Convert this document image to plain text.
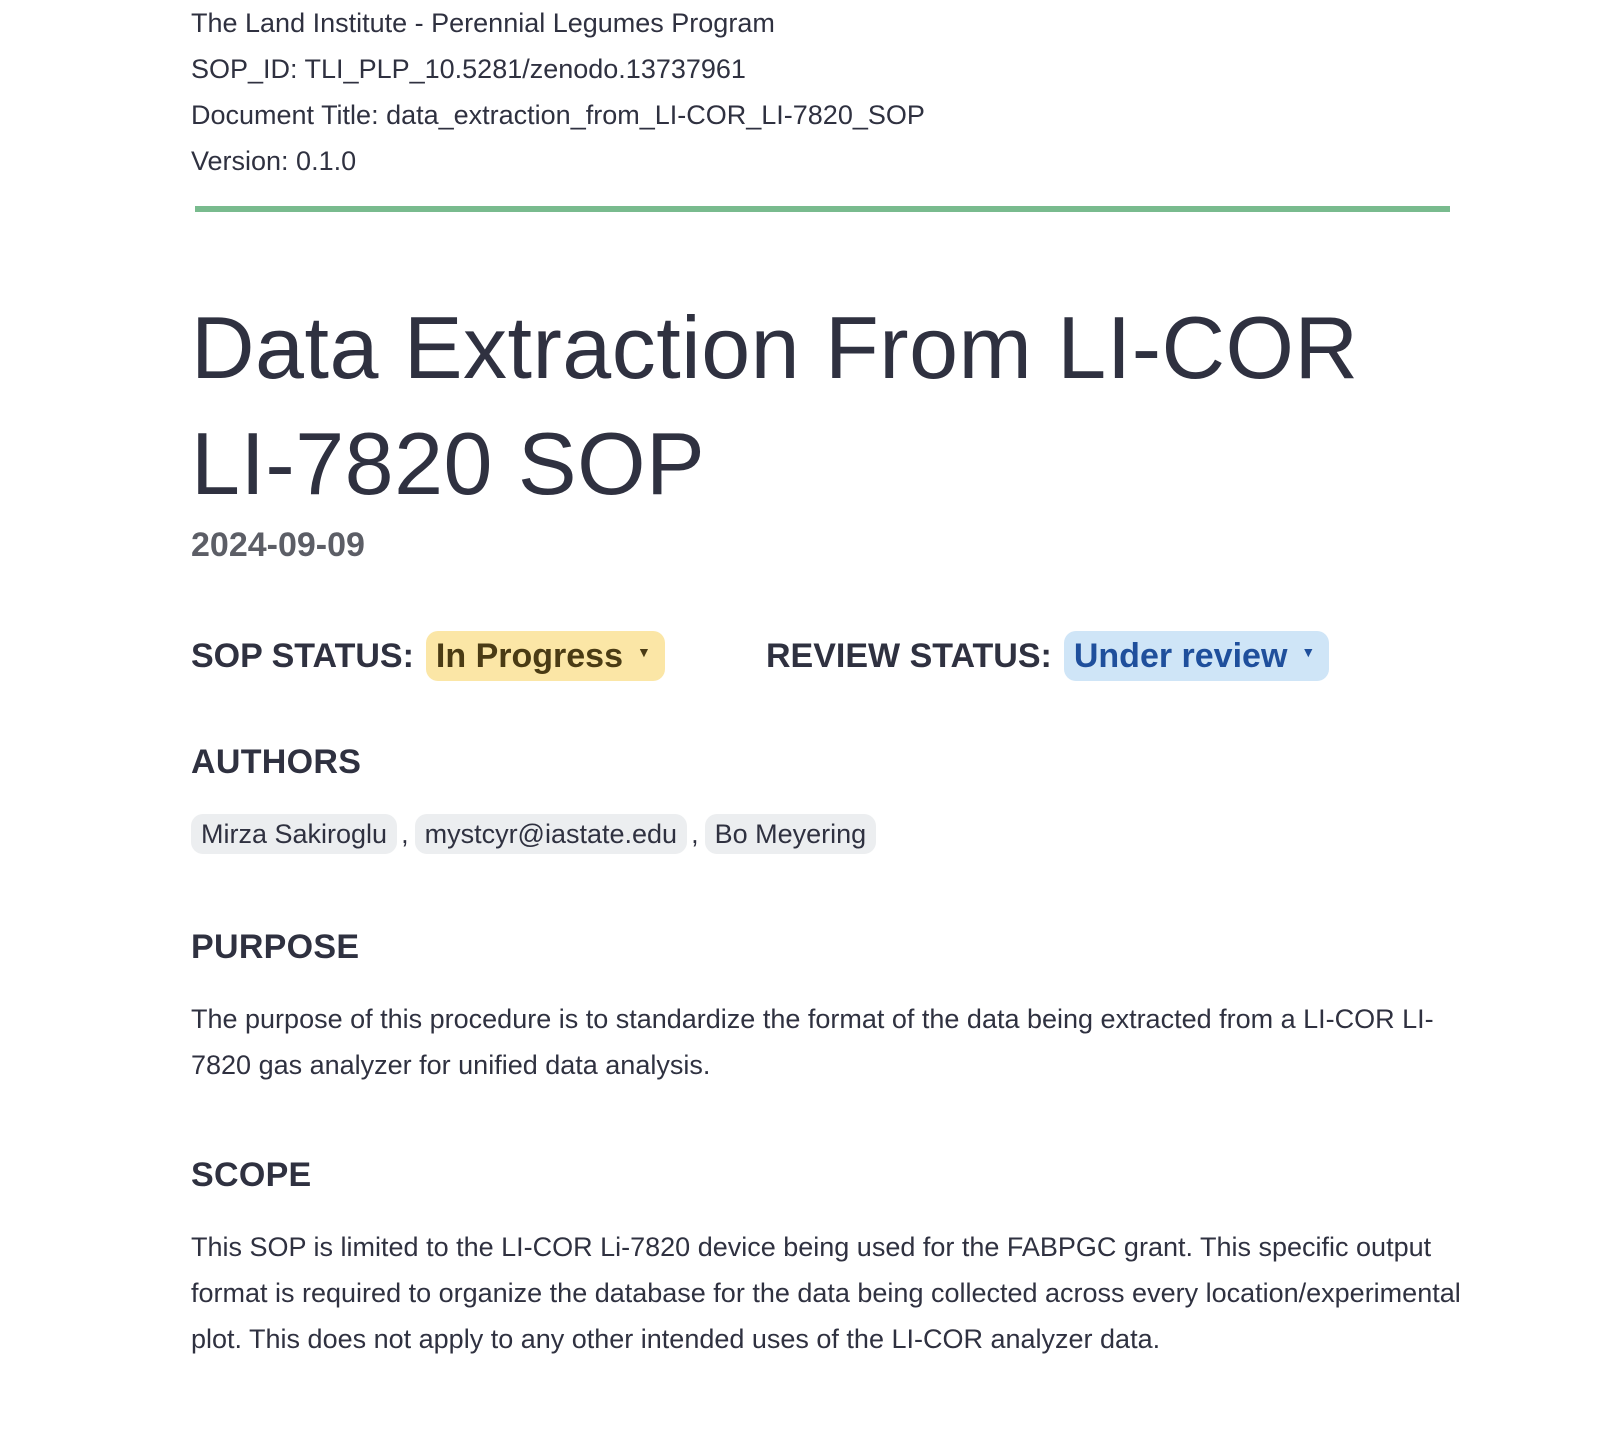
The Land Institute - Perennial Legumes Program
SOP_ID: TLI_PLP_10.5281/zenodo.13737961
Document Title: data_extraction_from_LI-COR_LI-7820_SOP
Version: 0.1.0
Data Extraction From LI-COR
LI-7820 SOP
2024-09-09
SOP STATUS: In Progress ▼	REVIEW STATUS: Under review ▼
AUTHORS
Mirza Sakiroglu , mystcyr@iastate.edu , Bo Meyering
PURPOSE

The purpose of this procedure is to standardize the format of the data being extracted from a LI-COR LI-7820 gas analyzer for unified data analysis.

SCOPE

This SOP is limited to the LI-COR Li-7820 device being used for the FABPGC grant. This specific output format is required to organize the database for the data being collected across every location/experimental plot. This does not apply to any other intended uses of the LI-COR analyzer data.
